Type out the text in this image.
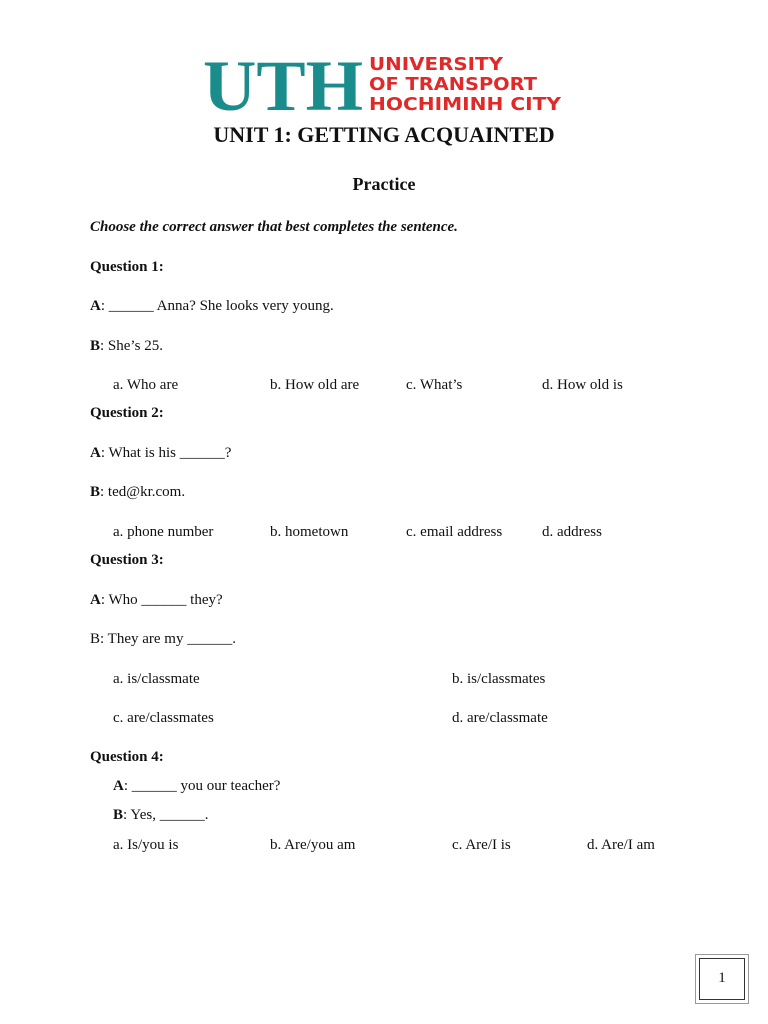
UTH UNIVERSITY
OF TRANSPORT
HOCHIMINH CITY
UNIT 1: GETTING ACQUAINTED
Practice
Choose the correct answer that best completes the sentence.
Question 1:
A: ______ Anna? She looks very young.
B: She’s 25.
a. Who are	b. How old are	c. What’s	d. How old is
Question 2:
A: What is his ______?
B: ted@kr.com.
a. phone number	b. hometown	c. email address	d. address
Question 3:
A: Who ______ they?
B: They are my ______.
a. is/classmate	b. is/classmates
c. are/classmates	d. are/classmate
Question 4:
A: ______ you our teacher?
B: Yes, ______.
a. Is/you is	b. Are/you am	c. Are/I is	d. Are/I am
1
